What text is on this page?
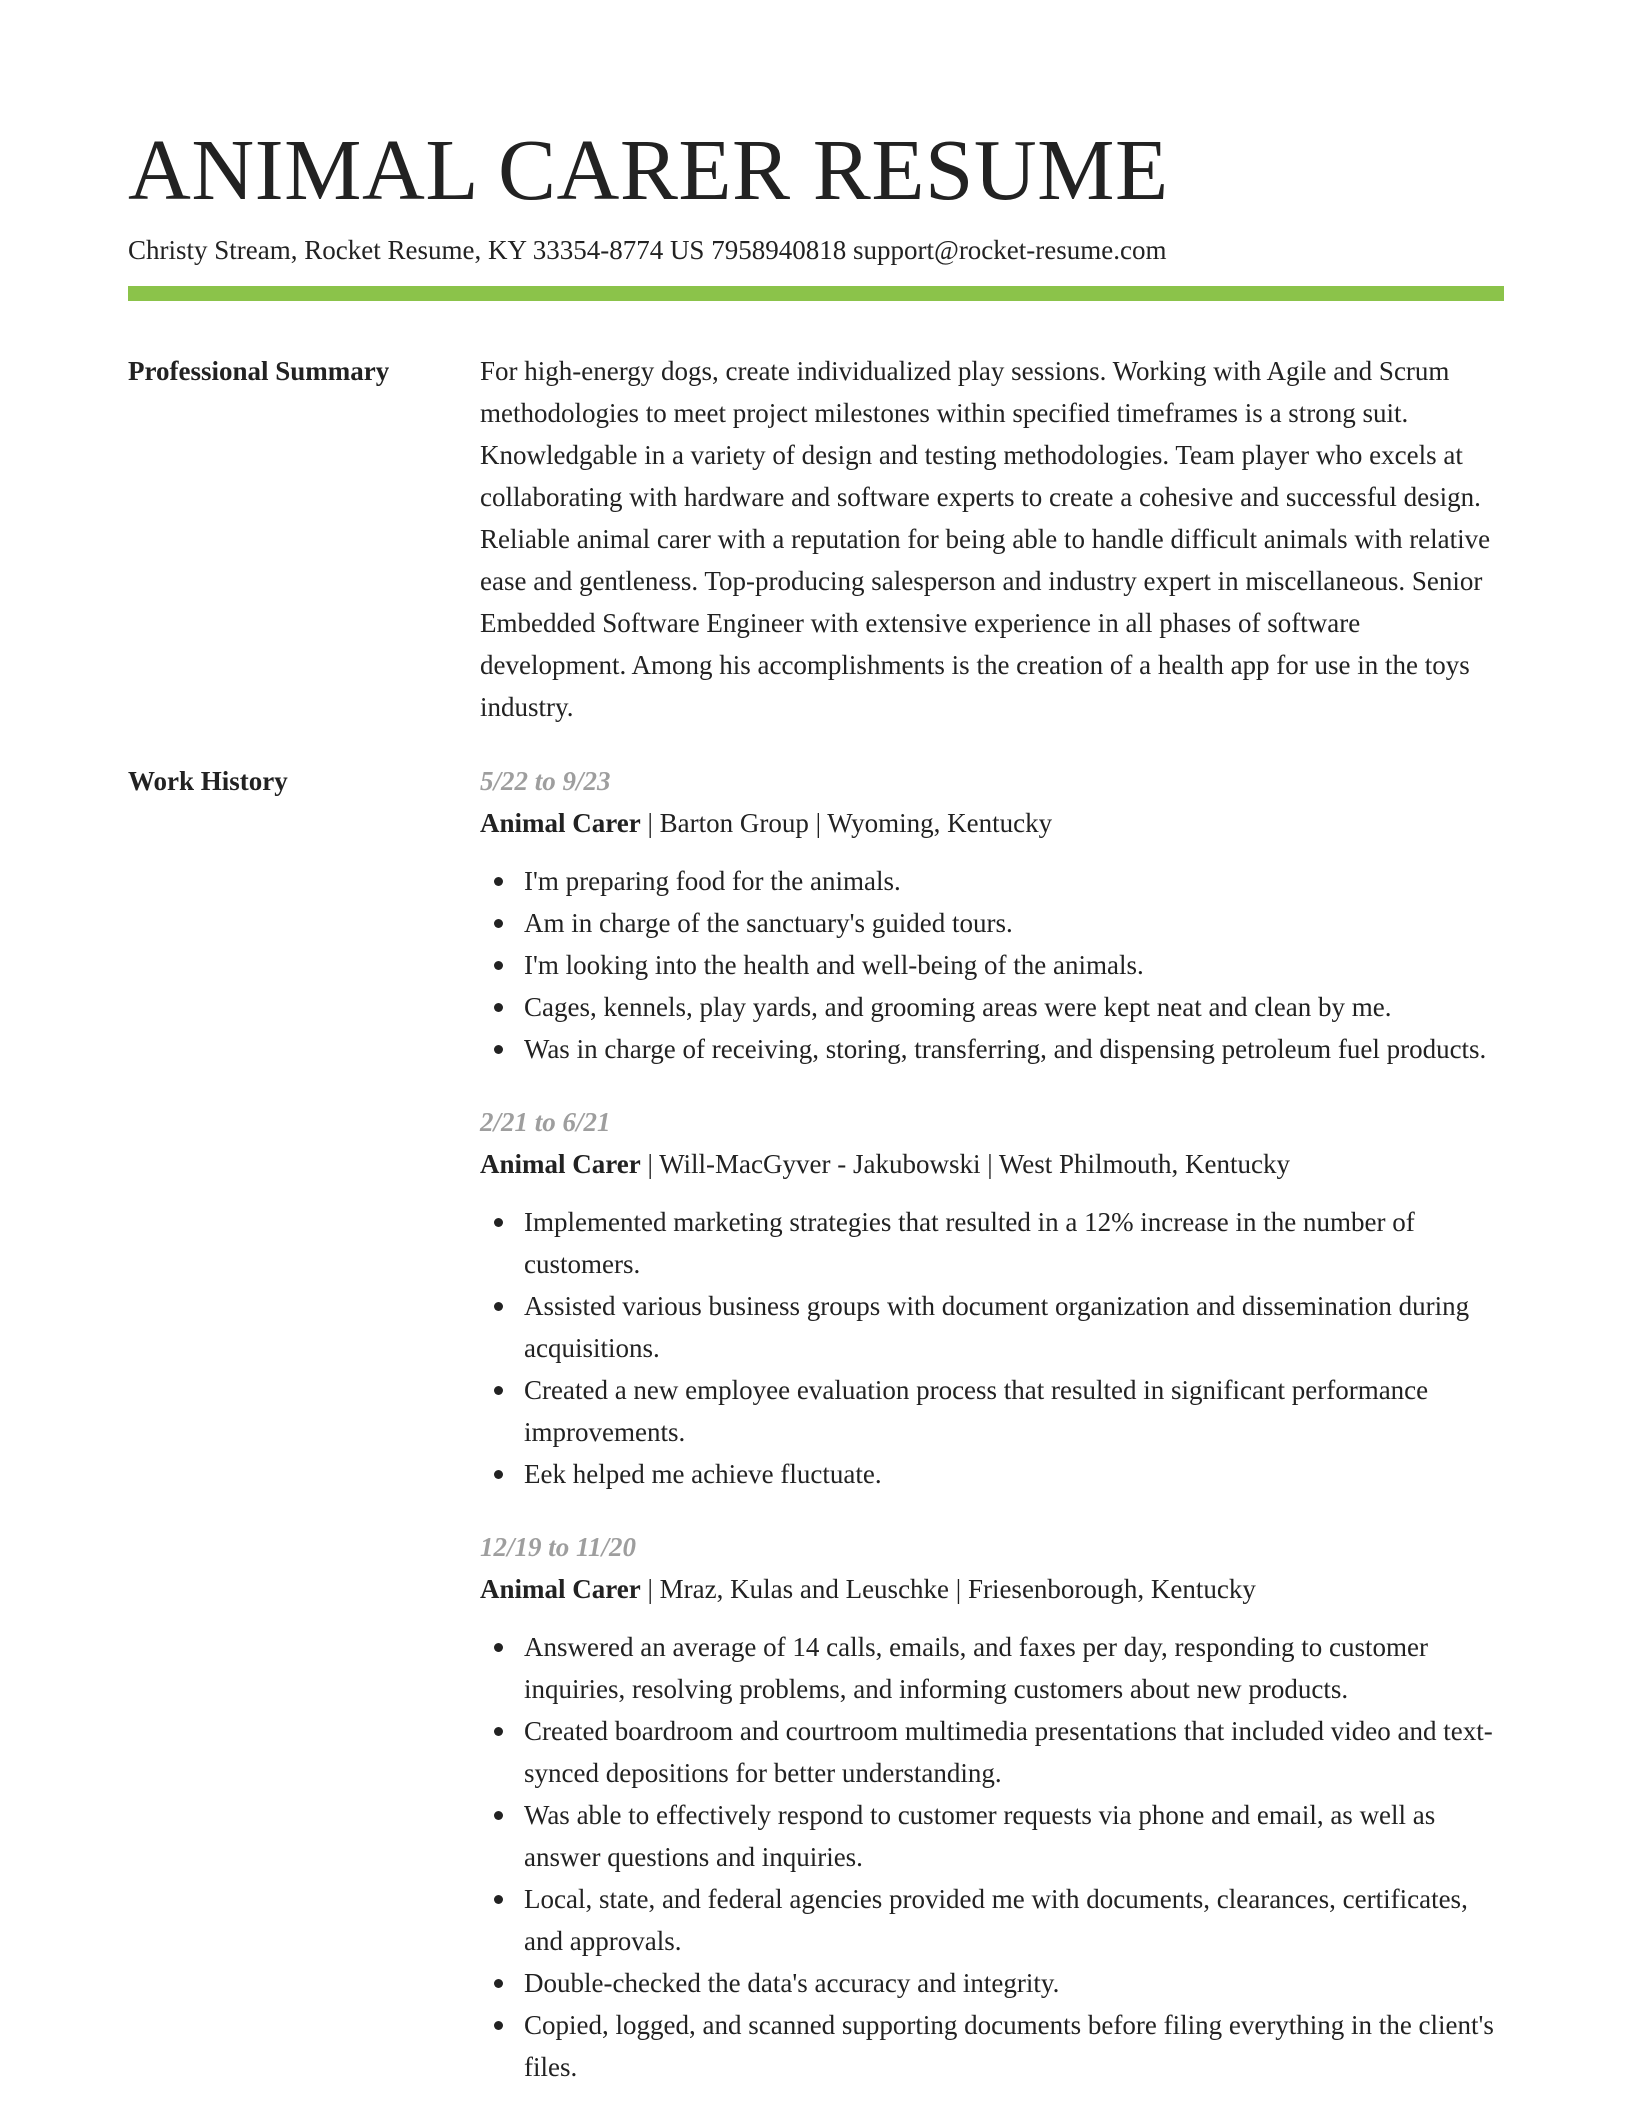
ANIMAL CARER RESUME
Christy Stream, Rocket Resume, KY 33354-8774 US 7958940818 support@rocket-resume.com
Professional Summary	For high-energy dogs, create individualized play sessions. Working with Agile and Scrum methodologies to meet project milestones within specified timeframes is a strong suit. Knowledgable in a variety of design and testing methodologies. Team player who excels at collaborating with hardware and software experts to create a cohesive and successful design. Reliable animal carer with a reputation for being able to handle difficult animals with relative ease and gentleness. Top-producing salesperson and industry expert in miscellaneous. Senior Embedded Software Engineer with extensive experience in all phases of software development. Among his accomplishments is the creation of a health app for use in the toys industry.

Work History	5/22 to 9/23
Animal Carer | Barton Group | Wyoming, Kentucky
I'm preparing food for the animals.
Am in charge of the sanctuary's guided tours.
I'm looking into the health and well-being of the animals.
Cages, kennels, play yards, and grooming areas were kept neat and clean by me.
Was in charge of receiving, storing, transferring, and dispensing petroleum fuel products.
2/21 to 6/21
Animal Carer | Will-MacGyver - Jakubowski | West Philmouth, Kentucky
Implemented marketing strategies that resulted in a 12% increase in the number of customers.
Assisted various business groups with document organization and dissemination during acquisitions.
Created a new employee evaluation process that resulted in significant performance improvements.
Eek helped me achieve fluctuate.
12/19 to 11/20
Animal Carer | Mraz, Kulas and Leuschke | Friesenborough, Kentucky
Answered an average of 14 calls, emails, and faxes per day, responding to customer inquiries, resolving problems, and informing customers about new products.
Created boardroom and courtroom multimedia presentations that included video and text-synced depositions for better understanding.
Was able to effectively respond to customer requests via phone and email, as well as answer questions and inquiries.
Local, state, and federal agencies provided me with documents, clearances, certificates, and approvals.
Double-checked the data's accuracy and integrity.
Copied, logged, and scanned supporting documents before filing everything in the client's files.
